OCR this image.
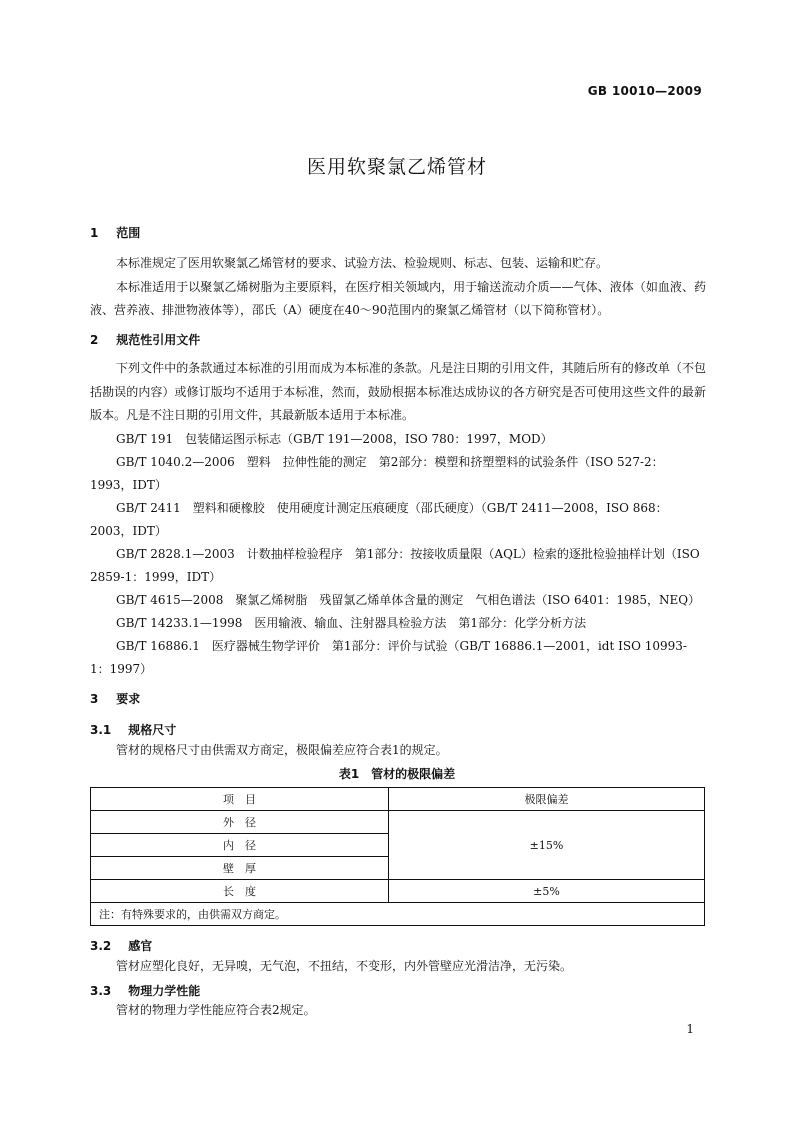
GB 10010—2009
医用软聚氯乙烯管材
1 范围

本标准规定了医用软聚氯乙烯管材的要求、试验方法、检验规则、标志、包装、运输和贮存。

本标准适用于以聚氯乙烯树脂为主要原料，在医疗相关领域内，用于输送流动介质——气体、液体（如血液、药液、营养液、排泄物液体等），邵氏（A）硬度在40～90范围内的聚氯乙烯管材（以下简称管材）。

2 规范性引用文件

下列文件中的条款通过本标准的引用而成为本标准的条款。凡是注日期的引用文件，其随后所有的修改单（不包括勘误的内容）或修订版均不适用于本标准，然而，鼓励根据本标准达成协议的各方研究是否可使用这些文件的最新版本。凡是不注日期的引用文件，其最新版本适用于本标准。

GB/T 191　包装储运图示标志（GB/T 191—2008，ISO 780：1997，MOD）

GB/T 1040.2—2006　塑料　拉伸性能的测定　第2部分：模塑和挤塑塑料的试验条件（ISO 527-2：1993，IDT）

GB/T 2411　塑料和硬橡胶　使用硬度计测定压痕硬度（邵氏硬度）（GB/T 2411—2008，ISO 868：2003，IDT）

GB/T 2828.1—2003　计数抽样检验程序　第1部分：按接收质量限（AQL）检索的逐批检验抽样计划（ISO 2859-1：1999，IDT）

GB/T 4615—2008　聚氯乙烯树脂　残留氯乙烯单体含量的测定　气相色谱法（ISO 6401：1985，NEQ）

GB/T 14233.1—1998　医用输液、输血、注射器具检验方法　第1部分：化学分析方法

GB/T 16886.1　医疗器械生物学评价　第1部分：评价与试验（GB/T 16886.1—2001，idt ISO 10993-1：1997）

3 要求
3.1 规格尺寸

管材的规格尺寸由供需双方商定，极限偏差应符合表1的规定。

表1　管材的极限偏差
项　目	极限偏差
外　径	±15%
内　径	
壁　厚	
长　度	±5%
注：有特殊要求的，由供需双方商定。	
3.2 感官

管材应塑化良好，无异嗅，无气泡，不扭结，不变形，内外管壁应光滑洁净，无污染。

3.3 物理力学性能

管材的物理力学性能应符合表2规定。

1
